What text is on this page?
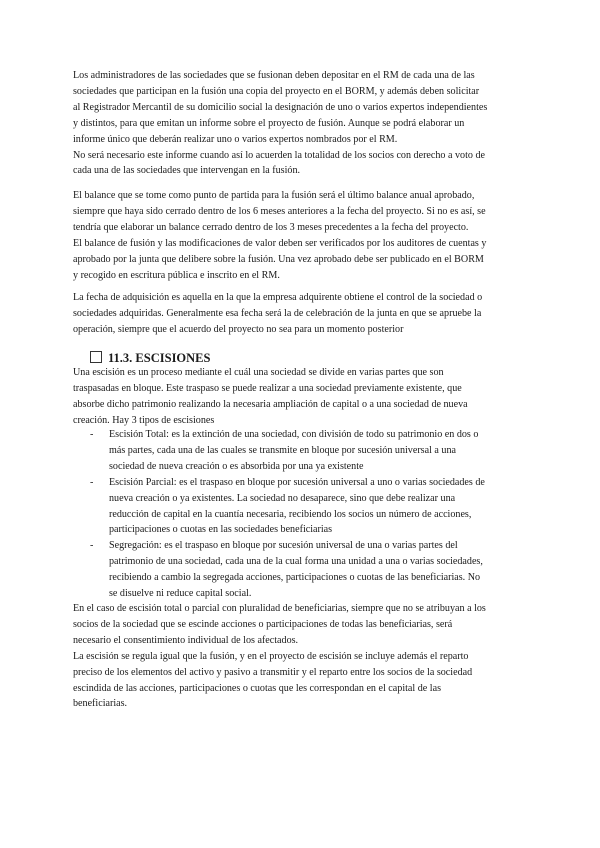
Los administradores de las sociedades que se fusionan deben depositar en el RM de cada una de las
sociedades que participan en la fusión una copia del proyecto en el BORM, y además deben solicitar
al Registrador Mercantil de su domicilio social la designación de uno o varios expertos independientes
y distintos, para que emitan un informe sobre el proyecto de fusión. Aunque se podrá elaborar un
informe único que deberán realizar uno o varios expertos nombrados por el RM.
No será necesario este informe cuando así lo acuerden la totalidad de los socios con derecho a voto de
cada una de las sociedades que intervengan en la fusión.
El balance que se tome como punto de partida para la fusión será el último balance anual aprobado,
siempre que haya sido cerrado dentro de los 6 meses anteriores a la fecha del proyecto. Si no es así, se
tendría que elaborar un balance cerrado dentro de los 3 meses precedentes a la fecha del proyecto.
El balance de fusión y las modificaciones de valor deben ser verificados por los auditores de cuentas y
aprobado por la junta que delibere sobre la fusión. Una vez aprobado debe ser publicado en el BORM
y recogido en escritura pública e inscrito en el RM.
La fecha de adquisición es aquella en la que la empresa adquirente obtiene el control de la sociedad o
sociedades adquiridas. Generalmente esa fecha será la de celebración de la junta en que se apruebe la
operación, siempre que el acuerdo del proyecto no sea para un momento posterior
11.3. ESCISIONES
Una escisión es un proceso mediante el cuál una sociedad se divide en varias partes que son
traspasadas en bloque. Este traspaso se puede realizar a una sociedad previamente existente, que
absorbe dicho patrimonio realizando la necesaria ampliación de capital o a una sociedad de nueva
creación. Hay 3 tipos de escisiones
- Escisión Total: es la extinción de una sociedad, con división de todo su patrimonio en dos o
más partes, cada una de las cuales se transmite en bloque por sucesión universal a una
sociedad de nueva creación o es absorbida por una ya existente
- Escisión Parcial: es el traspaso en bloque por sucesión universal a uno o varias sociedades de
nueva creación o ya existentes. La sociedad no desaparece, sino que debe realizar una
reducción de capital en la cuantía necesaria, recibiendo los socios un número de acciones,
participaciones o cuotas en las sociedades beneficiarias
- Segregación: es el traspaso en bloque por sucesión universal de una o varias partes del
patrimonio de una sociedad, cada una de la cual forma una unidad a una o varias sociedades,
recibiendo a cambio la segregada acciones, participaciones o cuotas de las beneficiarias. No
se disuelve ni reduce capital social.
En el caso de escisión total o parcial con pluralidad de beneficiarias, siempre que no se atribuyan a los
socios de la sociedad que se escinde acciones o participaciones de todas las beneficiarias, será
necesario el consentimiento individual de los afectados.
La escisión se regula igual que la fusión, y en el proyecto de escisión se incluye además el reparto
preciso de los elementos del activo y pasivo a transmitir y el reparto entre los socios de la sociedad
escindida de las acciones, participaciones o cuotas que les correspondan en el capital de las
beneficiarias.
